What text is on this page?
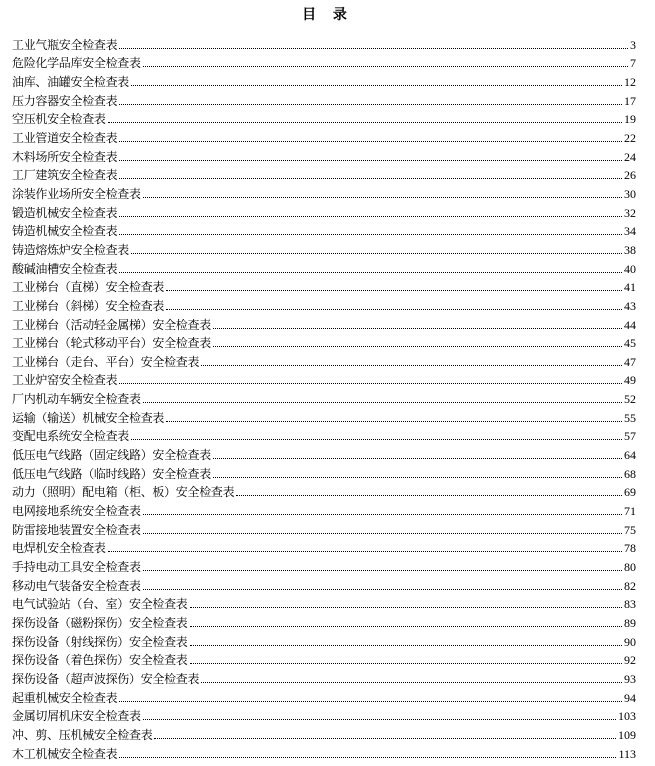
目 录
工业气瓶安全检查表	3
危险化学品库安全检查表	7
油库、油罐安全检查表	12
压力容器安全检查表	17
空压机安全检查表	19
工业管道安全检查表	22
木料场所安全检查表	24
工厂建筑安全检查表	26
涂装作业场所安全检查表	30
锻造机械安全检查表	32
铸造机械安全检查表	34
铸造熔炼炉安全检查表	38
酸碱油槽安全检查表	40
工业梯台（直梯）安全检查表	41
工业梯台（斜梯）安全检查表	43
工业梯台（活动轻金属梯）安全检查表	44
工业梯台（轮式移动平台）安全检查表	45
工业梯台（走台、平台）安全检查表	47
工业炉窑安全检查表	49
厂内机动车辆安全检查表	52
运输（输送）机械安全检查表	55
变配电系统安全检查表	57
低压电气线路（固定线路）安全检查表	64
低压电气线路（临时线路）安全检查表	68
动力（照明）配电箱（柜、板）安全检查表	69
电网接地系统安全检查表	71
防雷接地装置安全检查表	75
电焊机安全检查表	78
手持电动工具安全检查表	80
移动电气装备安全检查表	82
电气试验站（台、室）安全检查表	83
探伤设备（磁粉探伤）安全检查表	89
探伤设备（射线探伤）安全检查表	90
探伤设备（着色探伤）安全检查表	92
探伤设备（超声波探伤）安全检查表	93
起重机械安全检查表	94
金属切屑机床安全检查表	103
冲、剪、压机械安全检查表	109
木工机械安全检查表	113
